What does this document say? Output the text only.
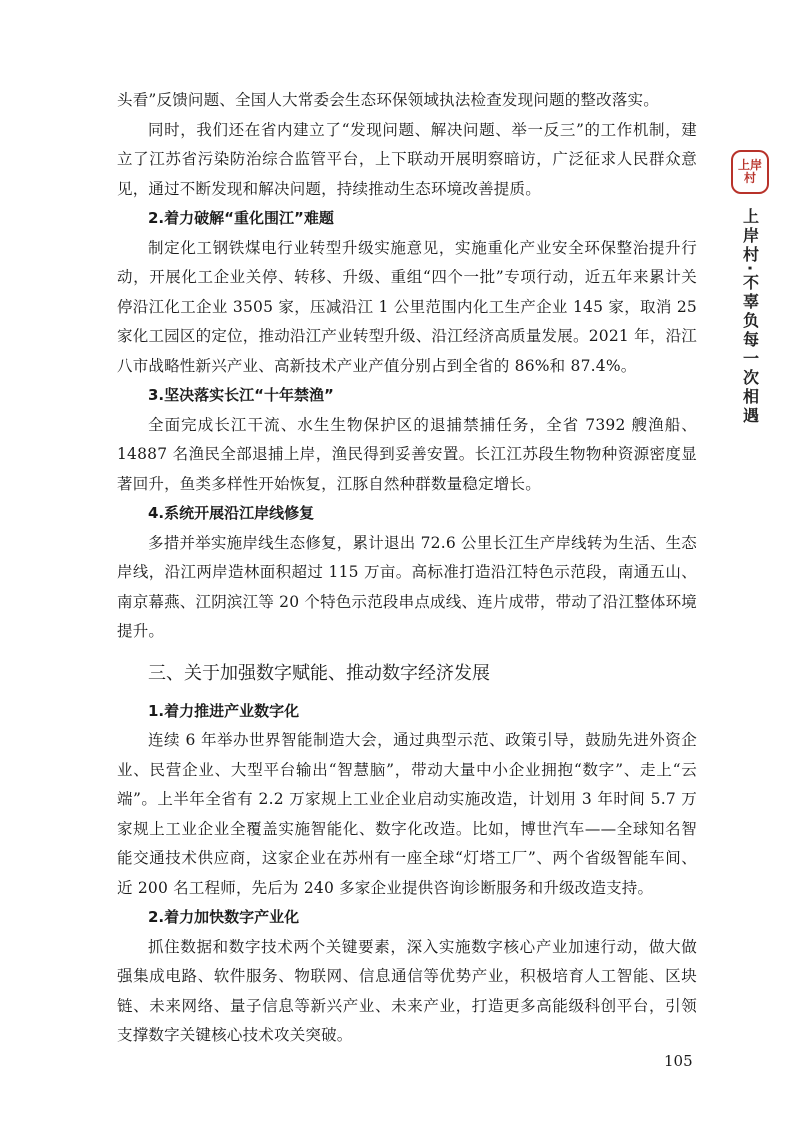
头看”反馈问题、全国人大常委会生态环保领域执法检查发现问题的整改落实。

同时，我们还在省内建立了“发现问题、解决问题、举一反三”的工作机制，建立了江苏省污染防治综合监管平台，上下联动开展明察暗访，广泛征求人民群众意见，通过不断发现和解决问题，持续推动生态环境改善提质。

2.着力破解“重化围江”难题

制定化工钢铁煤电行业转型升级实施意见，实施重化产业安全环保整治提升行动，开展化工企业关停、转移、升级、重组“四个一批”专项行动，近五年来累计关停沿江化工企业 3505 家，压减沿江 1 公里范围内化工生产企业 145 家，取消 25 家化工园区的定位，推动沿江产业转型升级、沿江经济高质量发展。2021 年，沿江八市战略性新兴产业、高新技术产业产值分别占到全省的 86%和 87.4%。

3.坚决落实长江“十年禁渔”

全面完成长江干流、水生生物保护区的退捕禁捕任务，全省 7392 艘渔船、14887 名渔民全部退捕上岸，渔民得到妥善安置。长江江苏段生物物种资源密度显著回升，鱼类多样性开始恢复，江豚自然种群数量稳定增长。

4.系统开展沿江岸线修复

多措并举实施岸线生态修复，累计退出 72.6 公里长江生产岸线转为生活、生态岸线，沿江两岸造林面积超过 115 万亩。高标准打造沿江特色示范段，南通五山、南京幕燕、江阴滨江等 20 个特色示范段串点成线、连片成带，带动了沿江整体环境提升。

三、关于加强数字赋能、推动数字经济发展

1.着力推进产业数字化

连续 6 年举办世界智能制造大会，通过典型示范、政策引导，鼓励先进外资企业、民营企业、大型平台输出“智慧脑”，带动大量中小企业拥抱“数字”、走上“云端”。上半年全省有 2.2 万家规上工业企业启动实施改造，计划用 3 年时间 5.7 万家规上工业企业全覆盖实施智能化、数字化改造。比如，博世汽车——全球知名智能交通技术供应商，这家企业在苏州有一座全球“灯塔工厂”、两个省级智能车间、近 200 名工程师，先后为 240 多家企业提供咨询诊断服务和升级改造支持。

2.着力加快数字产业化

抓住数据和数字技术两个关键要素，深入实施数字核心产业加速行动，做大做强集成电路、软件服务、物联网、信息通信等优势产业，积极培育人工智能、区块链、未来网络、量子信息等新兴产业、未来产业，打造更多高能级科创平台，引领支撑数字关键核心技术攻关突破。

上岸村
上岸村·不辜负每一次相遇
105
